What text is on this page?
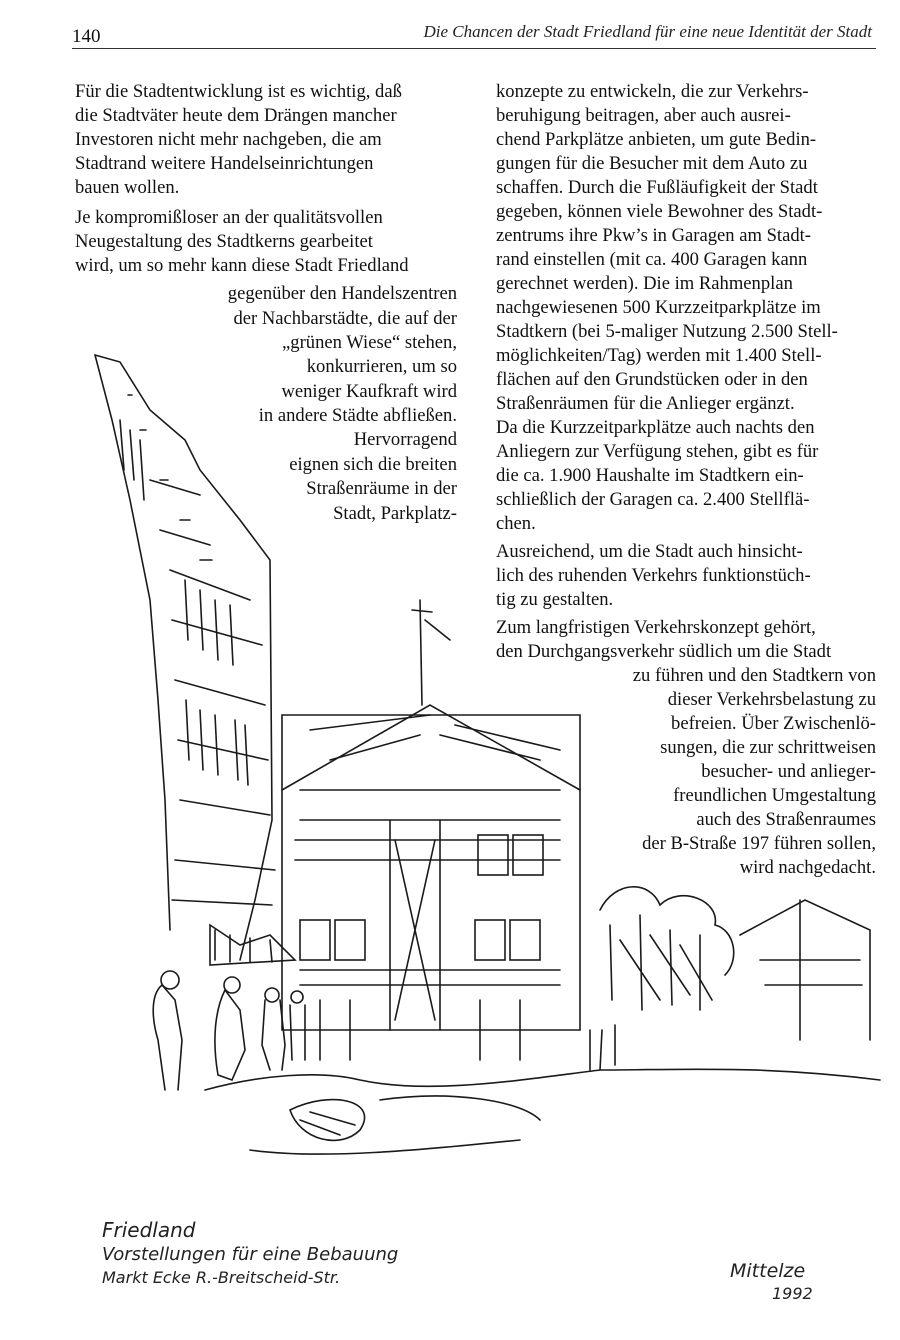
140	Die Chancen der Stadt Friedland für eine neue Identität der Stadt
Für die Stadtentwicklung ist es wichtig, daß
die Stadtväter heute dem Drängen mancher
Investoren nicht mehr nachgeben, die am
Stadtrand weitere Handelseinrichtungen
bauen wollen.
Je kompromißloser an der qualitätsvollen
Neugestaltung des Stadtkerns gearbeitet
wird, um so mehr kann diese Stadt Friedland
gegenüber den Handelszentren
der Nachbarstädte, die auf der
„grünen Wiese“ stehen,
konkurrieren, um so
weniger Kaufkraft wird
in andere Städte abfließen.
Hervorragend
eignen sich die breiten
Straßenräume in der
Stadt, Parkplatz-
konzepte zu entwickeln, die zur Verkehrs-
beruhigung beitragen, aber auch ausrei-
chend Parkplätze anbieten, um gute Bedin-
gungen für die Besucher mit dem Auto zu
schaffen. Durch die Fußläufigkeit der Stadt
gegeben, können viele Bewohner des Stadt-
zentrums ihre Pkw’s in Garagen am Stadt-
rand einstellen (mit ca. 400 Garagen kann
gerechnet werden). Die im Rahmenplan
nachgewiesenen 500 Kurzzeitparkplätze im
Stadtkern (bei 5-maliger Nutzung 2.500 Stell-
möglichkeiten/Tag) werden mit 1.400 Stell-
flächen auf den Grundstücken oder in den
Straßenräumen für die Anlieger ergänzt.
Da die Kurzzeitparkplätze auch nachts den
Anliegern zur Verfügung stehen, gibt es für
die ca. 1.900 Haushalte im Stadtkern ein-
schließlich der Garagen ca. 2.400 Stellflä-
chen.
Ausreichend, um die Stadt auch hinsicht-
lich des ruhenden Verkehrs funktionstüch-
tig zu gestalten.
Zum langfristigen Verkehrskonzept gehört,
den Durchgangsverkehr südlich um die Stadt
zu führen und den Stadtkern von
dieser Verkehrsbelastung zu
befreien. Über Zwischenlö-
sungen, die zur schrittweisen
besucher- und anlieger-
freundlichen Umgestaltung
auch des Straßenraumes
der B-Straße 197 führen sollen,
wird nachgedacht.
Friedland
Vorstellungen für eine Bebauung
Markt Ecke R.-Breitscheid-Str.	Mittelze
1992
